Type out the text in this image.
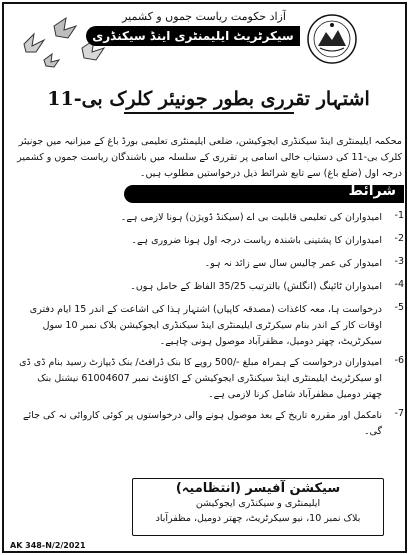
آزاد حکومت ریاست جموں و کشمیر
سیکرٹریٹ ایلیمنٹری اینڈ سیکنڈری ایجوکیشن
اشتہار تقرری بطور جونیئر کلرک بی-11
محکمہ ایلیمنٹری اینڈ سیکنڈری ایجوکیشن، ضلعی ایلیمنٹری تعلیمی بورڈ باغ کے میزانیہ میں جونیئر کلرک بی-11 کی دستیاب خالی اسامی پر تقرری کے سلسلہ میں باشندگان ریاست جموں و کشمیر درجہ اول (ضلع باغ) سے تابع شرائط ذیل درخواستیں مطلوب ہیں۔
شرائط
-1
امیدواران کی تعلیمی قابلیت بی اے (سیکنڈ ڈویژن) ہونا لازمی ہے۔
-2
امیدواران کا پشتینی باشندہ ریاست درجہ اول ہونا ضروری ہے۔
-3
امیدوار کی عمر چالیس سال سے زائد نہ ہو۔
-4
امیدواران ٹائپنگ (انگلش) بالترتیب 35/25 الفاظ کے حامل ہوں۔
-5
درخواست ہا، معہ کاغذات (مصدقہ کاپیاں) اشتہار ہذا کی اشاعت کے اندر 15 ایام دفتری اوقات کار کے اندر بنام سیکرٹری ایلیمنٹری اینڈ سیکنڈری ایجوکیشن بلاک نمبر 10 سول سیکرٹریٹ، چھتر دومیل، مظفرآباد موصول ہونی چاہیے۔
-6
امیدواران درخواست کے ہمراہ مبلغ -/500 روپے کا بنک ڈرافٹ/ بنک ڈیپازٹ رسید بنام ڈی ڈی او سیکرٹریٹ ایلیمنٹری اینڈ سیکنڈری ایجوکیشن کے اکاؤنٹ نمبر 61004607 نیشنل بنک چھتر دومیل مظفرآباد شامل کرنا لازمی ہے۔
-7
نامکمل اور مقررہ تاریخ کے بعد موصول ہونے والی درخواستوں پر کوئی کاروائی نہ کی جائے گی۔
سیکشن آفیسر (انتظامیہ)
ایلیمنٹری و سیکنڈری ایجوکیشن
بلاک نمبر 10، نیو سیکرٹریٹ، چھتر دومیل، مظفرآباد
AK 348-N/2/2021
